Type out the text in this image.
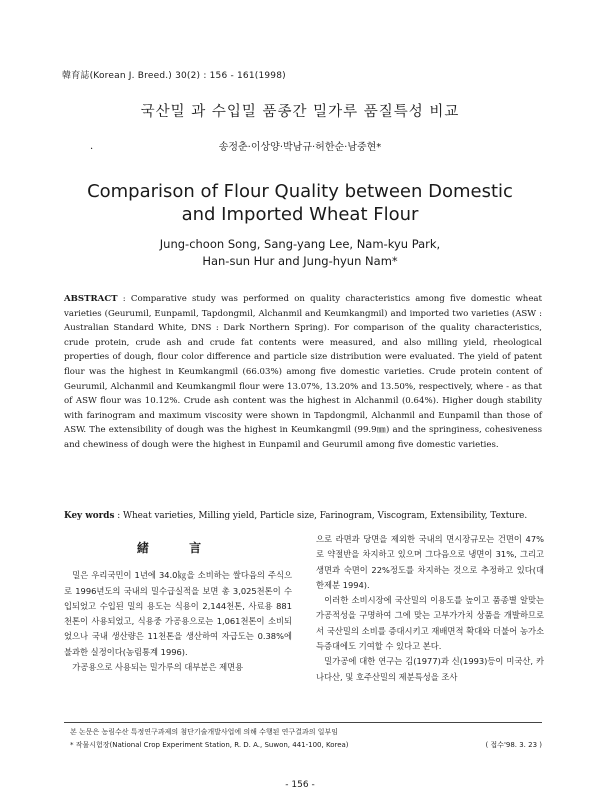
韓育誌(Korean J. Breed.) 30(2) : 156 - 161(1998)
국산밀 과 수입밀 품종간 밀가루 품질특성 비교
·	송정춘·이상양·박남규·허한순·남중현*
Comparison of Flour Quality between Domestic
and Imported Wheat Flour
Jung-choon Song, Sang-yang Lee, Nam-kyu Park,
Han-sun Hur and Jung-hyun Nam*
ABSTRACT : Comparative study was performed on quality characteristics among five domestic wheat varieties (Geurumil, Eunpamil, Tapdongmil, Alchanmil and Keumkangmil) and imported two varieties (ASW : Australian Standard White, DNS : Dark Northern Spring). For comparison of the quality characteristics, crude protein, crude ash and crude fat contents were measured, and also milling yield, rheological properties of dough, flour color difference and particle size distribution were evaluated. The yield of patent flour was the highest in Keumkangmil (66.03%) among five domestic varieties. Crude protein content of Geurumil, Alchanmil and Keumkangmil flour were 13.07%, 13.20% and 13.50%, respectively, where - as that of ASW flour was 10.12%. Crude ash content was the highest in Alchanmil (0.64%). Higher dough stability with farinogram and maximum viscosity were shown in Tapdongmil, Alchanmil and Eunpamil than those of ASW. The extensibility of dough was the highest in Keumkangmil (99.9㎜) and the springiness, cohesiveness and chewiness of dough were the highest in Eunpamil and Geurumil among five domestic varieties.
Key words : Wheat varieties, Milling yield, Particle size, Farinogram, Viscogram, Extensibility, Texture.
緒 言

밀은 우리국민이 1년에 34.0㎏을 소비하는 쌀다음의 주식으로 1996년도의 국내의 밀수급실적을 보면 총 3,025천톤이 수입되었고 수입된 밀의 용도는 식용이 2,144천톤, 사료용 881천톤이 사용되었고, 식용중 가공용으로는 1,061천톤이 소비되었으나 국내 생산량은 11천톤을 생산하여 자급도는 0.38%에 불과한 실정이다(농림통계 1996).

가공용으로 사용되는 밀가루의 대부분은 제면용

으로 라면과 당면을 제외한 국내의 면시장규모는 건면이 47%로 약절반을 차지하고 있으며 그다음으로 냉면이 31%, 그리고 생면과 숙면이 22%정도를 차지하는 것으로 추정하고 있다(대한제분 1994).

이러한 소비시장에 국산밀의 이용도를 높이고 품종별 알맞는 가공적성을 구명하여 그에 맞는 고부가가치 상품을 개발하므로서 국산밀의 소비를 증대시키고 재배면적 확대와 더불어 농가소득증대에도 기여할 수 있다고 본다.

밀가공에 대한 연구는 김(1977)과 신(1993)등이 미국산, 카나다산, 및 호주산밀의 제분특성을 조사

본 논문은 농림수산 특정연구과제의 첨단기술개발사업에 의해 수행된 연구결과의 일부임
* 작물시험장(National Crop Experiment Station, R. D. A., Suwon, 441-100, Korea)	( 접수'98. 3. 23 )
- 156 -
